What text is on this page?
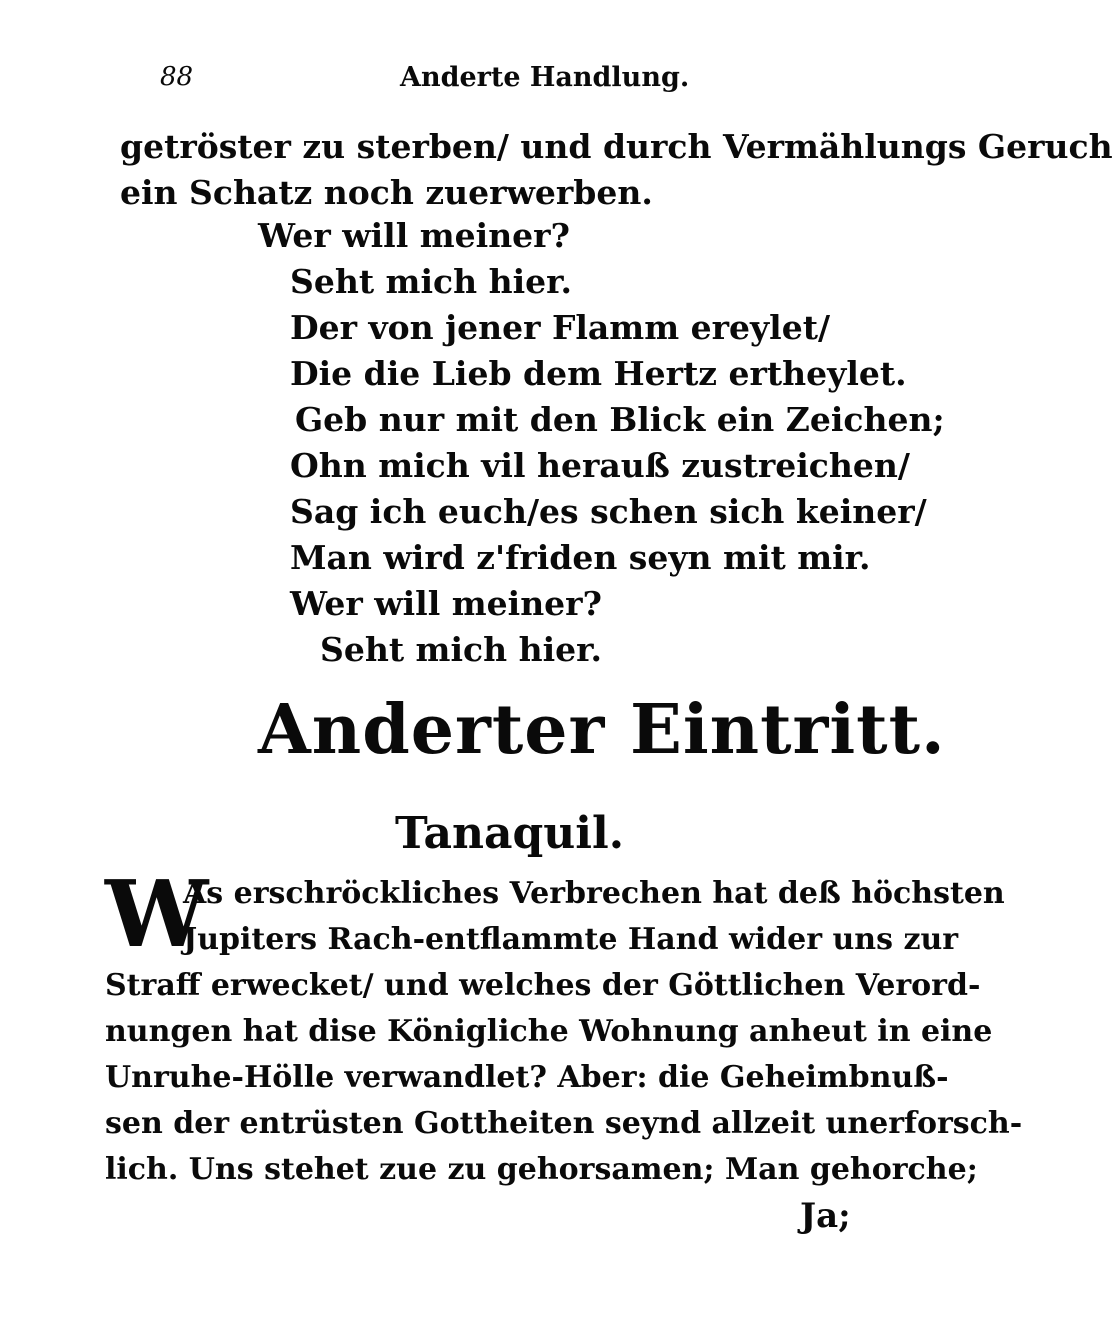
88	Anderte Handlung.
getröster zu sterben/ und durch Vermählungs Geruch
ein Schatz noch zuerwerben.
Wer will meiner?
Seht mich hier.
Der von jener Flamm ereylet/
Die die Lieb dem Hertz ertheylet.
Geb nur mit den Blick ein Zeichen;
Ohn mich vil herauß zustreichen/
Sag ich euch/es schen sich keiner/
Man wird z'friden seyn mit mir.
Wer will meiner?
Seht mich hier.
Anderter Eintritt.
Tanaquil.
W
As erschröckliches Verbrechen hat deß höchsten
Jupiters Rach-entflammte Hand wider uns zur
Straff erwecket/ und welches der Göttlichen Verord-
nungen hat dise Königliche Wohnung anheut in eine
Unruhe-Hölle verwandlet? Aber: die Geheimbnuß-
sen der entrüsten Gottheiten seynd allzeit unerforsch-
lich. Uns stehet zue zu gehorsamen; Man gehorche;
Ja;
